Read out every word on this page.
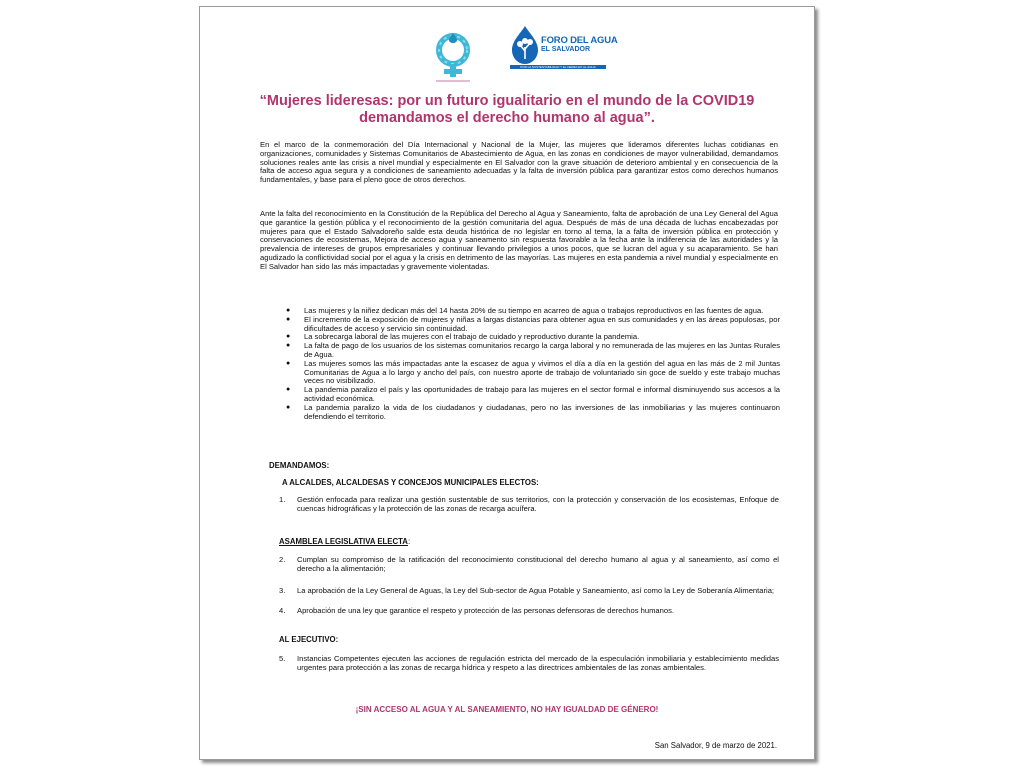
FORO DEL AGUA
EL SALVADOR
POR LA SUSTENTABILIDAD Y EL DERECHO AL AGUA
“Mujeres lideresas: por un futuro igualitario en el mundo de la COVID19 demandamos el derecho humano al agua”.

En el marco de la conmemoración del Día Internacional y Nacional de la Mujer, las mujeres que lideramos diferentes luchas cotidianas en organizaciones, comunidades y Sistemas Comunitarios de Abastecimiento de Agua, en las zonas en condiciones de mayor vulnerabilidad, demandamos soluciones reales ante las crisis a nivel mundial y especialmente en El Salvador con la grave situación de deterioro ambiental y en consecuencia de la falta de acceso agua segura y a condiciones de saneamiento adecuadas y la falta de inversión pública para garantizar estos como derechos humanos fundamentales, y base para el pleno goce de otros derechos.

Ante la falta del reconocimiento en la Constitución de la República del Derecho al Agua y Saneamiento, falta de aprobación de una Ley General del Agua que garantice la gestión pública y el reconocimiento de la gestión comunitaria del agua. Después de más de una década de luchas encabezadas por mujeres para que el Estado Salvadoreño salde esta deuda histórica de no legislar en torno al tema, la a falta de inversión pública en protección y conservaciones de ecosistemas, Mejora de acceso agua y saneamento sin respuesta favorable a la fecha ante la indiferencia de las autoridades y la prevalencia de intereses de grupos empresariales y continuar llevando privilegios a unos pocos, que se lucran del agua y su acaparamiento. Se han agudizado la conflictividad social por el agua y la crisis en detrimento de las mayorías. Las mujeres en esta pandemia a nivel mundial y especialmente en El Salvador han sido las más impactadas y gravemente violentadas.

● Las mujeres y la niñez dedican más del 14 hasta 20% de su tiempo en acarreo de agua o trabajos reproductivos en las fuentes de agua.
● El incremento de la exposición de mujeres y niñas a largas distancias para obtener agua en sus comunidades y en las áreas populosas, por dificultades de acceso y servicio sin continuidad.
● La sobrecarga laboral de las mujeres con el trabajo de cuidado y reproductivo durante la pandemia.
● La falta de pago de los usuarios de los sistemas comunitarios recargo la carga laboral y no remunerada de las mujeres en las Juntas Rurales de Agua.
● Las mujeres somos las más impactadas ante la escasez de agua y vivimos el día a día en la gestión del agua en las más de 2 mil Juntas Comunitarias de Agua a lo largo y ancho del país, con nuestro aporte de trabajo de voluntariado sin goce de sueldo y este trabajo muchas veces no visibilizado.
● La pandemia paralizo el país y las oportunidades de trabajo para las mujeres en el sector formal e informal disminuyendo sus accesos a la actividad económica.
● La pandemia paralizo la vida de los ciudadanos y ciudadanas, pero no las inversiones de las inmobiliarias y las mujeres continuaron defendiendo el territorio.
DEMANDAMOS:
A ALCALDES, ALCALDESAS Y CONCEJOS MUNICIPALES ELECTOS:
1. Gestión enfocada para realizar una gestión sustentable de sus territorios, con la protección y conservación de los ecosistemas, Enfoque de cuencas hidrográficas y la protección de las zonas de recarga acuífera.
ASAMBLEA LEGISLATIVA ELECTA:
2. Cumplan su compromiso de la ratificación del reconocimiento constitucional del derecho humano al agua y al saneamiento, así como el derecho a la alimentación;
3. La aprobación de la Ley General de Aguas, la Ley del Sub-sector de Agua Potable y Saneamiento, así como la Ley de Soberanía Alimentaria;
4. Aprobación de una ley que garantice el respeto y protección de las personas defensoras de derechos humanos.
AL EJECUTIVO:
5. Instancias Competentes ejecuten las acciones de regulación estricta del mercado de la especulación inmobiliaria y establecimiento medidas urgentes para protección a las zonas de recarga hídrica y respeto a las directrices ambientales de las zonas ambientales.
¡SIN ACCESO AL AGUA Y AL SANEAMIENTO, NO HAY IGUALDAD DE GÉNERO!
San Salvador, 9 de marzo de 2021.
